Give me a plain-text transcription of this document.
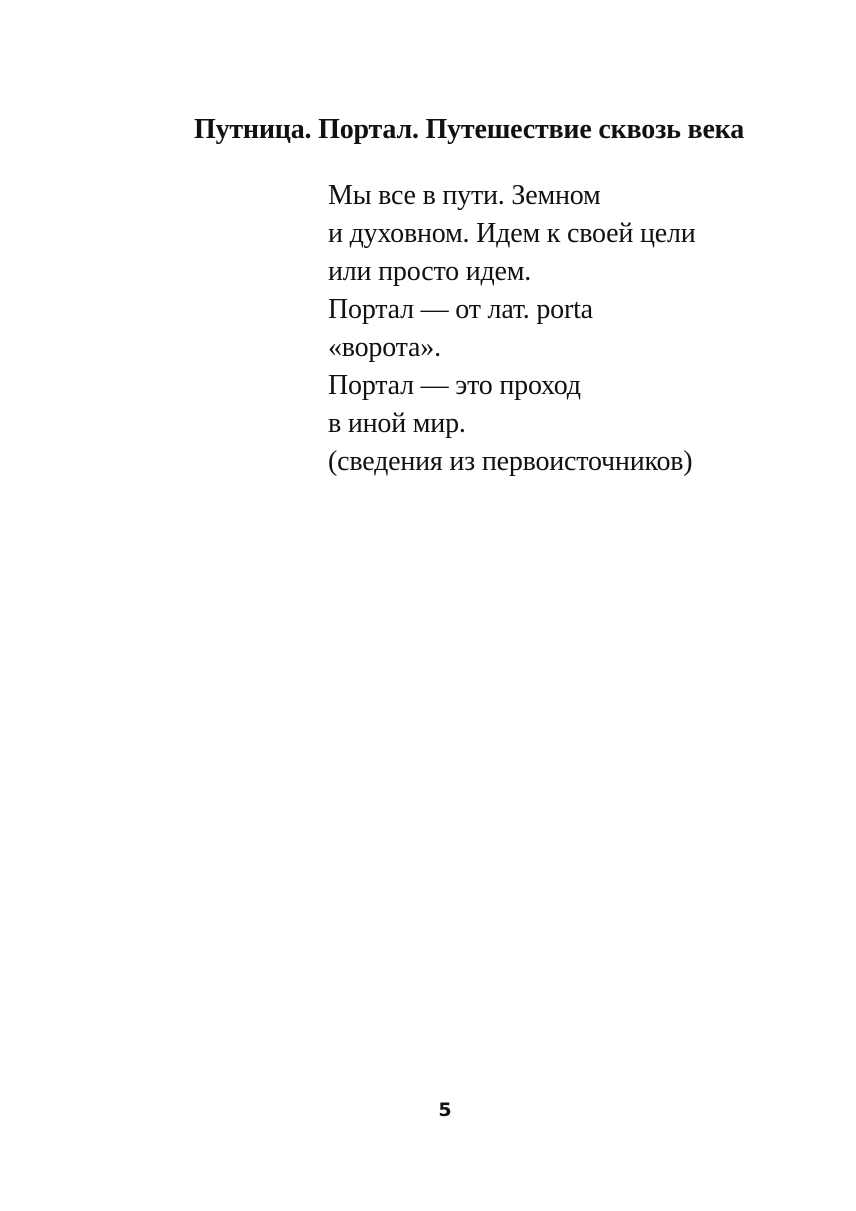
Путница. Портал. Путешествие сквозь века
Мы все в пути. Земном
и духовном. Идем к своей цели
или просто идем.
Портал — от лат. porta
«ворота».
Портал — это проход
в иной мир.
(сведения из первоисточников)
5
